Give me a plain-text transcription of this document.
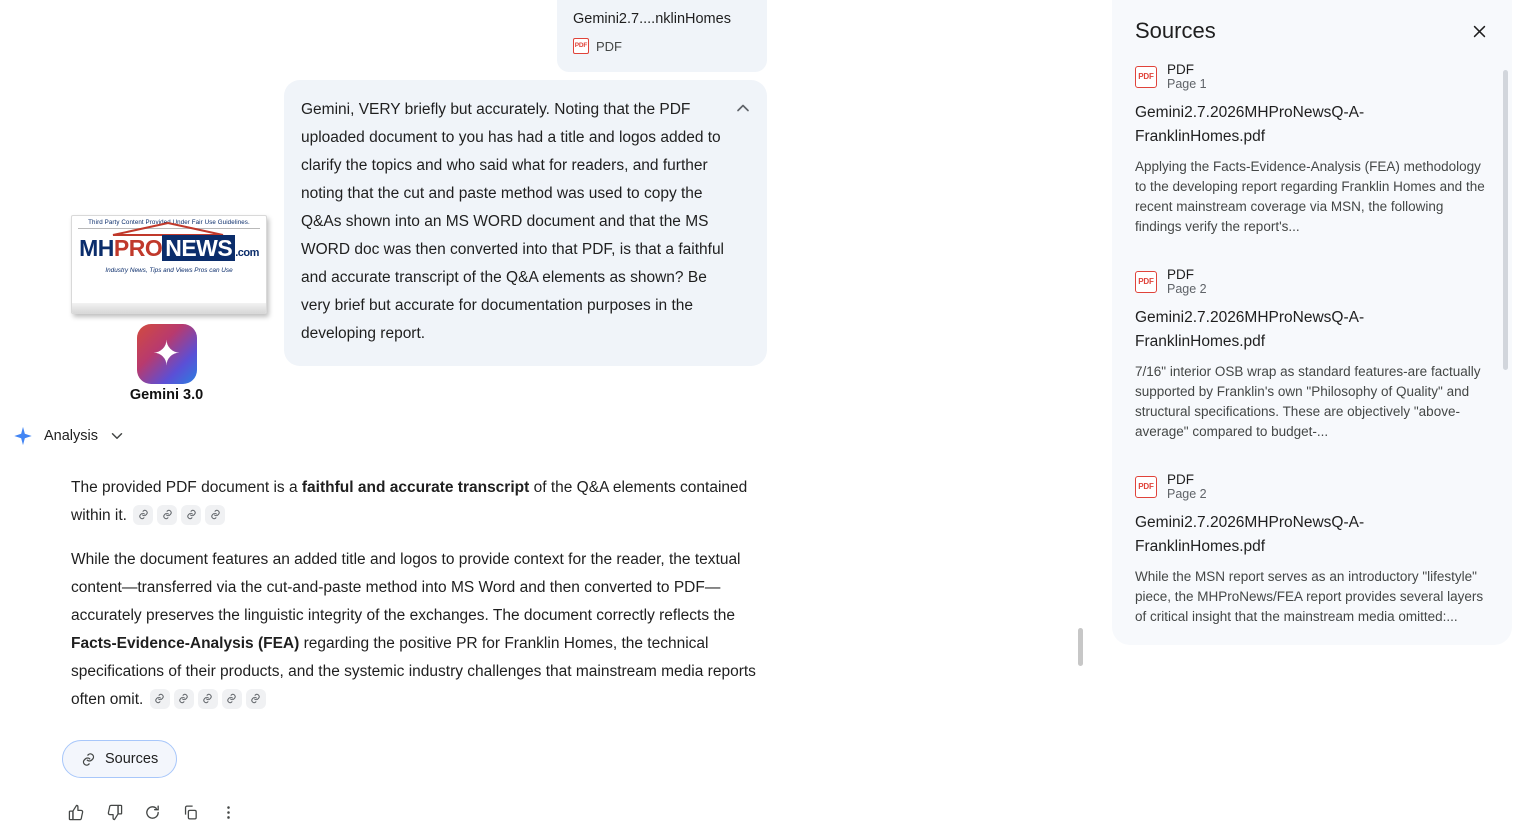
Gemini2.7....nklinHomes
PDF PDF

Gemini, VERY briefly but accurately. Noting that the PDF uploaded document to you has had a title and logos added to clarify the topics and who said what for readers, and further noting that the cut and paste method was used to copy the Q&As shown into an MS WORD document and that the MS WORD doc was then converted into that PDF, is that a faithful and accurate transcript of the Q&A elements as shown? Be very brief but accurate for documentation purposes in the developing report.

Third Party Content Provided Under Fair Use Guidelines.
MHPRO NEWS .com
Industry News, Tips and Views Pros can Use
✦
Gemini 3.0
Analysis

The provided PDF document is a faithful and accurate transcript of the Q&A elements contained within it.

While the document features an added title and logos to provide context for the reader, the textual content—transferred via the cut-and-paste method into MS Word and then converted to PDF—accurately preserves the linguistic integrity of the exchanges. The document correctly reflects the Facts-Evidence-Analysis (FEA) regarding the positive PR for Franklin Homes, the technical specifications of their products, and the systemic industry challenges that mainstream media reports often omit.

Sources
Sources
PDF PDF
Page 1
Gemini2.7.2026MHProNewsQ-A-FranklinHomes.pdf
Applying the Facts-Evidence-Analysis (FEA) methodology to the developing report regarding Franklin Homes and the recent mainstream coverage via MSN, the following findings verify the report's...
PDF PDF
Page 2
Gemini2.7.2026MHProNewsQ-A-FranklinHomes.pdf
7/16" interior OSB wrap as standard features-are factually supported by Franklin's own "Philosophy of Quality" and structural specifications. These are objectively "above-average" compared to budget-...
PDF PDF
Page 2
Gemini2.7.2026MHProNewsQ-A-FranklinHomes.pdf
While the MSN report serves as an introductory "lifestyle" piece, the MHProNews/FEA report provides several layers of critical insight that the mainstream media omitted:...
